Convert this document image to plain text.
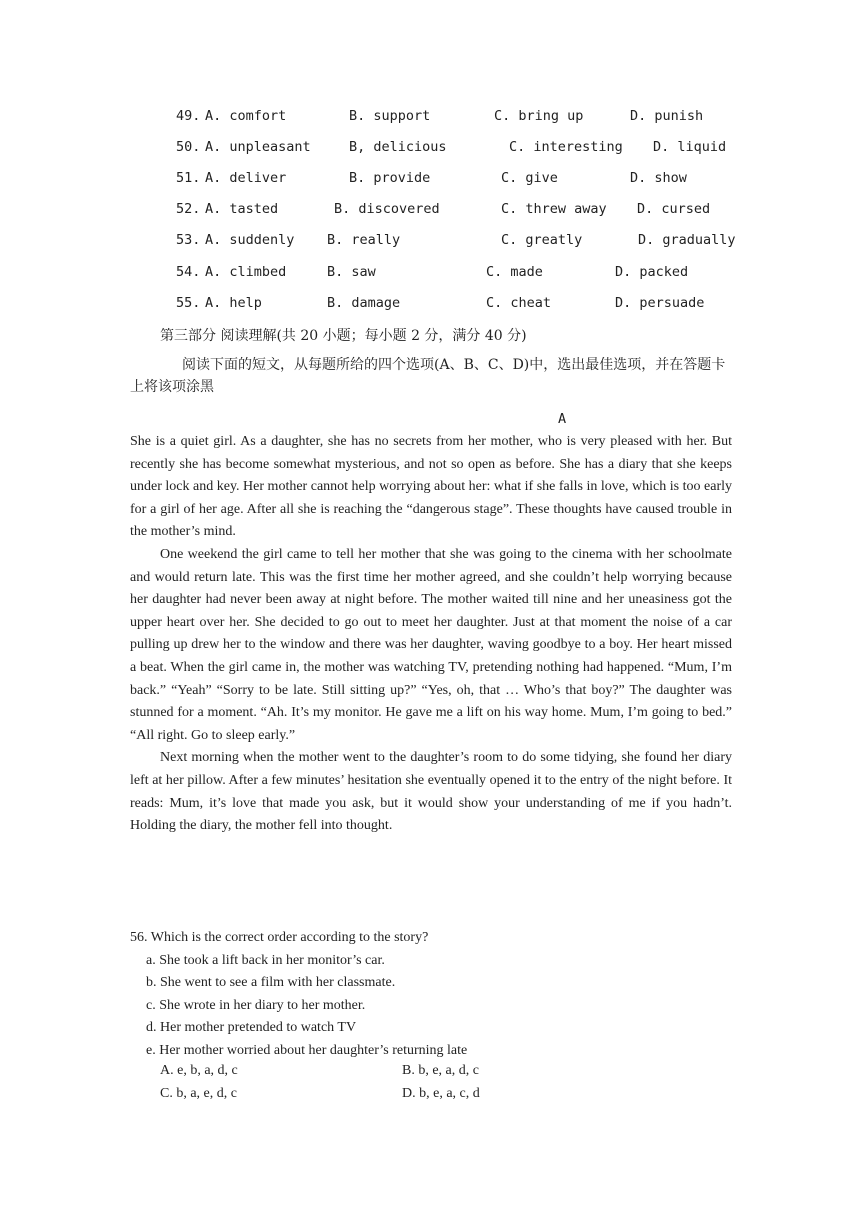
49. A. comfort	B. support	C. bring up	D. punish
50. A. unpleasant	B, delicious	C. interesting D. liquid
51. A. deliver	B. provide	C. give	D. show
52. A. tasted	B. discovered	C. threw away D. cursed
53. A. suddenly B. really	C. greatly	D. gradually
54. A. climbed	B. saw	C. made	D. packed
55. A. help	B. damage	C. cheat	D. persuade
第三部分 阅读理解(共 20 小题；每小题 2 分，满分 40 分)
阅读下面的短文，从每题所给的四个选项(A、B、C、D)中，选出最佳选项，并在答题卡上将该项涂黑
A

She is a quiet girl. As a daughter, she has no secrets from her mother, who is very pleased with her. But recently she has become somewhat mysterious, and not so open as before. She has a diary that she keeps under lock and key. Her mother cannot help worrying about her: what if she falls in love, which is too early for a girl of her age. After all she is reaching the “dangerous stage”. These thoughts have caused trouble in the mother’s mind.

One weekend the girl came to tell her mother that she was going to the cinema with her schoolmate and would return late. This was the first time her mother agreed, and she couldn’t help worrying because her daughter had never been away at night before. The mother waited till nine and her uneasiness got the upper heart over her. She decided to go out to meet her daughter. Just at that moment the noise of a car pulling up drew her to the window and there was her daughter, waving goodbye to a boy. Her heart missed a beat. When the girl came in, the mother was watching TV, pretending nothing had happened. “Mum, I’m back.” “Yeah” “Sorry to be late. Still sitting up?” “Yes, oh, that … Who’s that boy?” The daughter was stunned for a moment. “Ah. It’s my monitor. He gave me a lift on his way home. Mum, I’m going to bed.” “All right. Go to sleep early.”

Next morning when the mother went to the daughter’s room to do some tidying, she found her diary left at her pillow. After a few minutes’ hesitation she eventually opened it to the entry of the night before. It reads: Mum, it’s love that made you ask, but it would show your understanding of me if you hadn’t. Holding the diary, the mother fell into thought.

56. Which is the correct order according to the story?
a. She took a lift back in her monitor’s car.
b. She went to see a film with her classmate.
c. She wrote in her diary to her mother.
d. Her mother pretended to watch TV
e. Her mother worried about her daughter’s returning late
A. e, b, a, d, c	B. b, e, a, d, c
C. b, a, e, d, c	D. b, e, a, c, d
